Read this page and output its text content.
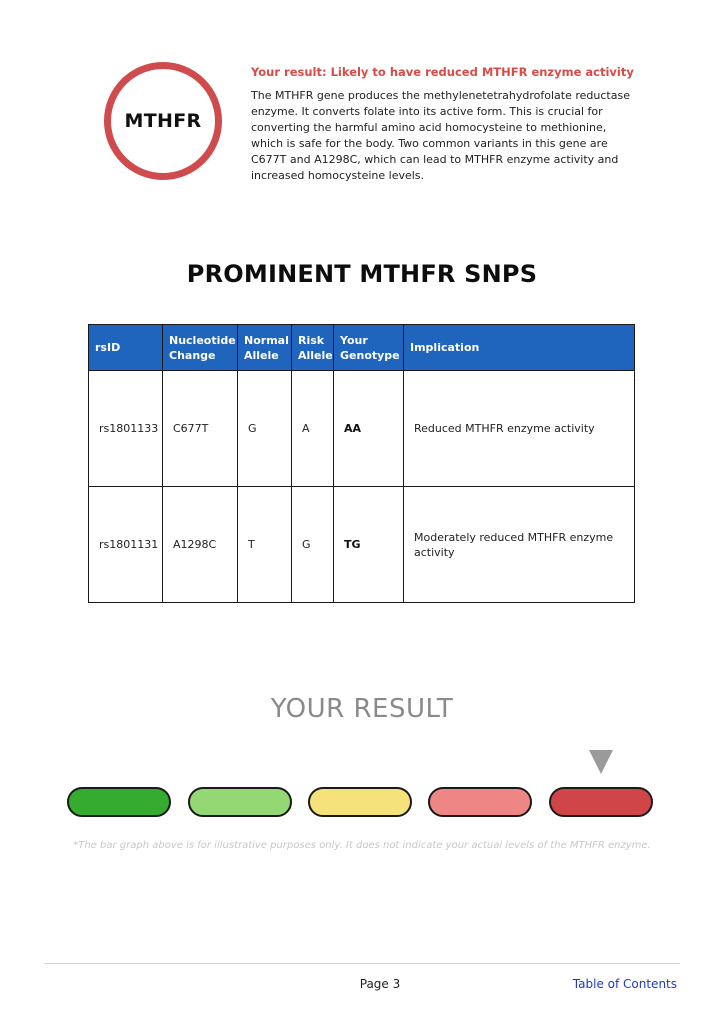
MTHFR
Your result: Likely to have reduced MTHFR enzyme activity
The MTHFR gene produces the methylenetetrahydrofolate reductase enzyme. It converts folate into its active form. This is crucial for converting the harmful amino acid homocysteine to methionine, which is safe for the body. Two common variants in this gene are C677T and A1298C, which can lead to MTHFR enzyme activity and increased homocysteine levels.
PROMINENT MTHFR SNPS
rsID	Nucleotide Change	Normal Allele	Risk Allele	Your Genotype	Implication
rs1801133	C677T	G	A	AA	Reduced MTHFR enzyme activity
rs1801131	A1298C	T	G	TG	Moderately reduced MTHFR enzyme activity
YOUR RESULT
*The bar graph above is for illustrative purposes only. It does not indicate your actual levels of the MTHFR enzyme.
Page 3	Table of Contents
